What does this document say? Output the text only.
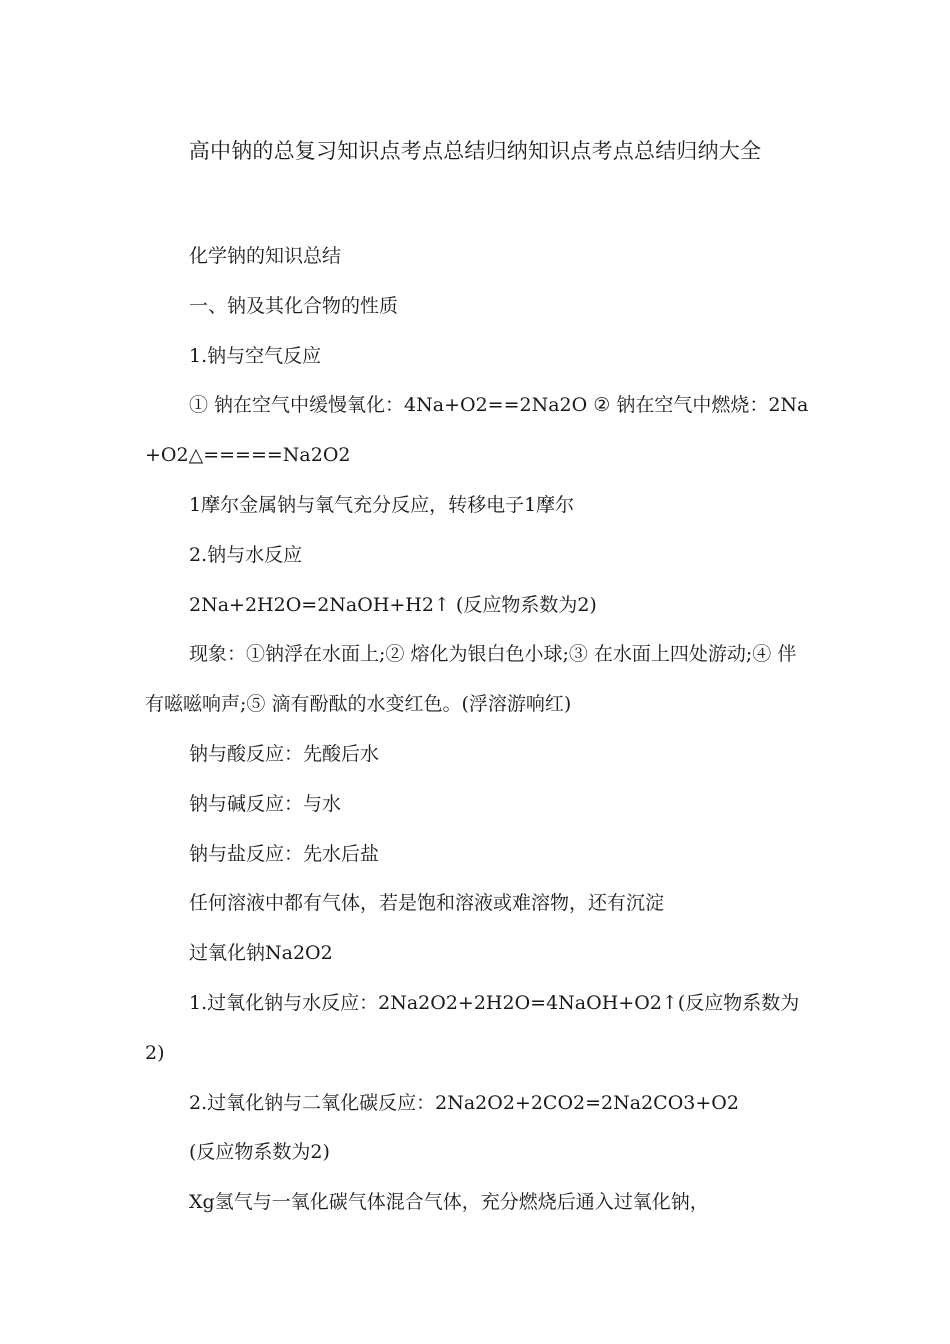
高中钠的总复习知识点考点总结归纳知识点考点总结归纳大全

化学钠的知识总结

一、钠及其化合物的性质

1.钠与空气反应

① 钠在空气中缓慢氧化：4Na+O2==2Na2O ② 钠在空气中燃烧：2Na+O2△=====Na2O2

1摩尔金属钠与氧气充分反应，转移电子1摩尔

2.钠与水反应

2Na+2H2O=2NaOH+H2↑ (反应物系数为2)

现象：①钠浮在水面上;② 熔化为银白色小球;③ 在水面上四处游动;④ 伴有嗞嗞响声;⑤ 滴有酚酞的水变红色。(浮溶游响红)

钠与酸反应：先酸后水

钠与碱反应：与水

钠与盐反应：先水后盐

任何溶液中都有气体，若是饱和溶液或难溶物，还有沉淀

过氧化钠Na2O2

1.过氧化钠与水反应：2Na2O2+2H2O=4NaOH+O2↑(反应物系数为2)

2.过氧化钠与二氧化碳反应：2Na2O2+2CO2=2Na2CO3+O2

(反应物系数为2)

Xg氢气与一氧化碳气体混合气体，充分燃烧后通入过氧化钠，
